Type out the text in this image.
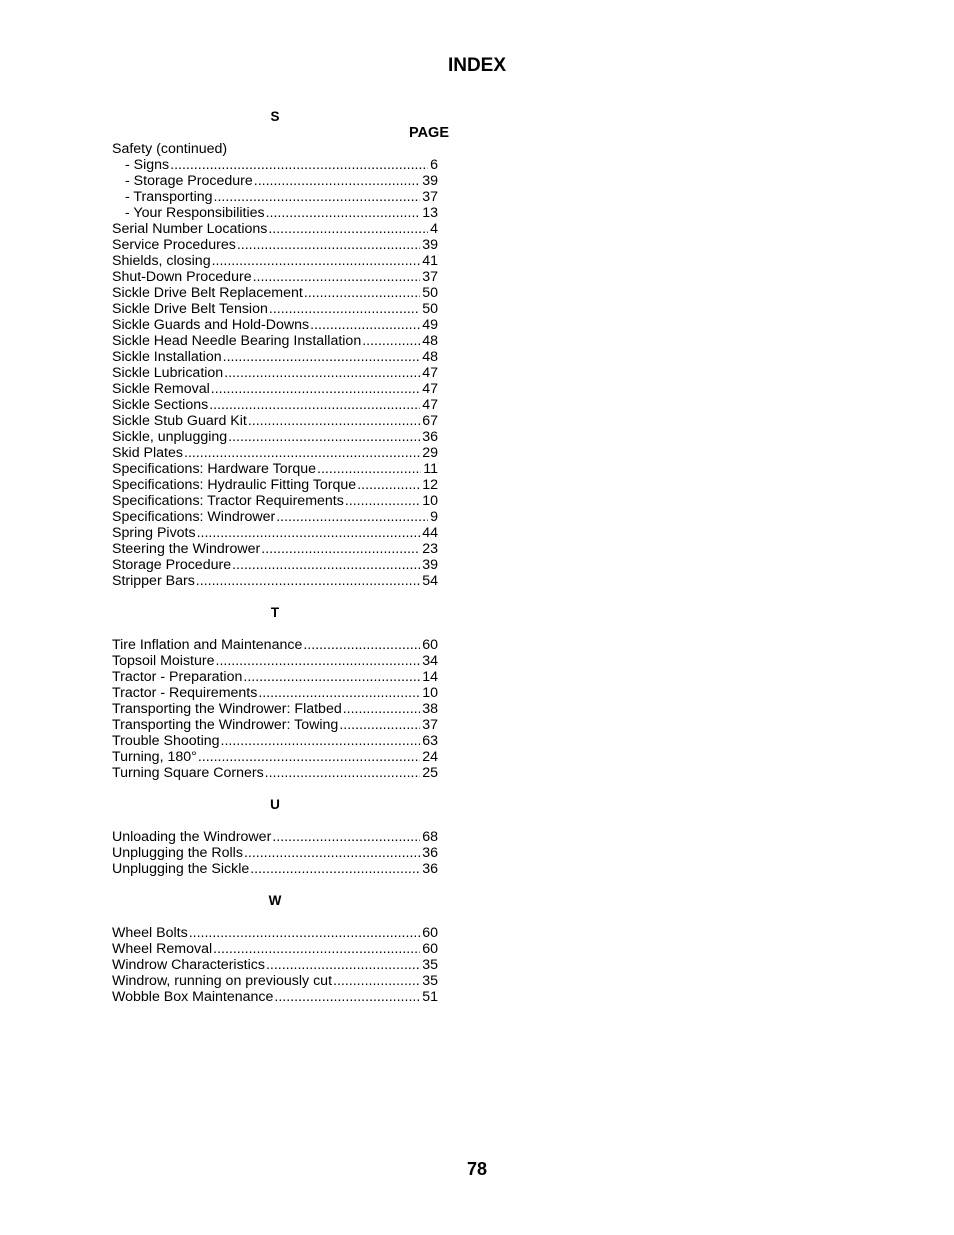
INDEX
S
PAGE
Safety (continued)
- Signs .....	6
- Storage Procedure .....	39
- Transporting .....	37
- Your Responsibilities .....	13
Serial Number Locations .....	4
Service Procedures .....	39
Shields, closing .....	41
Shut-Down Procedure .....	37
Sickle Drive Belt Replacement .....	50
Sickle Drive Belt Tension .....	50
Sickle Guards and Hold-Downs .....	49
Sickle Head Needle Bearing Installation .....	48
Sickle Installation .....	48
Sickle Lubrication .....	47
Sickle Removal .....	47
Sickle Sections .....	47
Sickle Stub Guard Kit .....	67
Sickle, unplugging .....	36
Skid Plates .....	29
Specifications: Hardware Torque .....	11
Specifications: Hydraulic Fitting Torque .....	12
Specifications: Tractor Requirements .....	10
Specifications: Windrower .....	9
Spring Pivots .....	44
Steering the Windrower .....	23
Storage Procedure .....	39
Stripper Bars .....	54
T
Tire Inflation and Maintenance .....	60
Topsoil Moisture .....	34
Tractor - Preparation .....	14
Tractor - Requirements .....	10
Transporting the Windrower: Flatbed .....	38
Transporting the Windrower: Towing .....	37
Trouble Shooting .....	63
Turning, 180° .....	24
Turning Square Corners .....	25
U
Unloading the Windrower .....	68
Unplugging the Rolls .....	36
Unplugging the Sickle .....	36
W
Wheel Bolts .....	60
Wheel Removal .....	60
Windrow Characteristics .....	35
Windrow, running on previously cut .....	35
Wobble Box Maintenance .....	51
78
